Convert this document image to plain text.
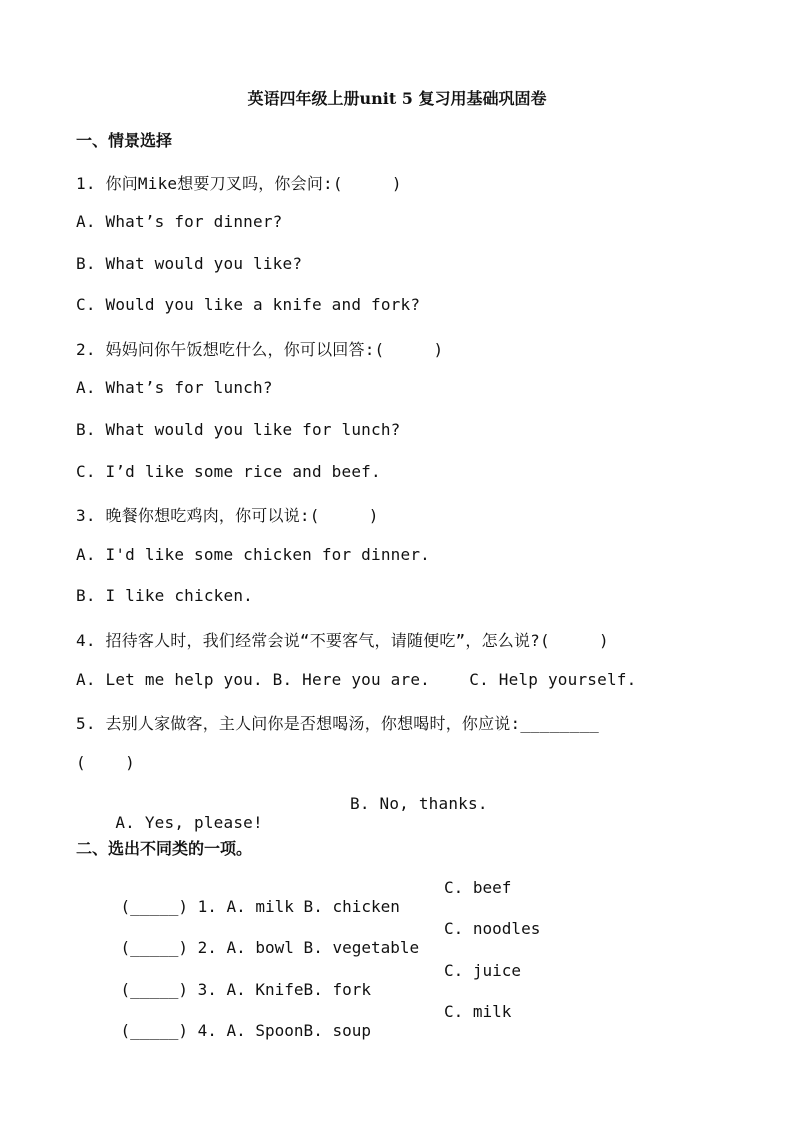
英语四年级上册unit 5 复习用基础巩固卷
一、情景选择
1. 你问Mike想要刀叉吗，你会问:(     )
A. What’s for dinner?
B. What would you like?
C. Would you like a knife and fork?
2. 妈妈问你午饭想吃什么，你可以回答:(     )
A. What’s for lunch?
B. What would you like for lunch?
C. I’d like some rice and beef.
3. 晚餐你想吃鸡肉，你可以说:(     )
A. I'd like some chicken for dinner.
B. I like chicken.
4. 招待客人时，我们经常会说“不要客气，请随便吃”，怎么说?(     )
A. Let me help you. B. Here you are.    C. Help yourself.
5. 去别人家做客，主人问你是否想喝汤，你想喝时，你应说:________
(    )

A. Yes, please!

B. No, thanks.

二、选出不同类的一项。

(_____) 1. A. milk B. chicken

C. beef

(_____) 2. A. bowl B. vegetable

C. noodles

(_____) 3. A. KnifeB. fork

C. juice

(_____) 4. A. SpoonB. soup

C. milk
